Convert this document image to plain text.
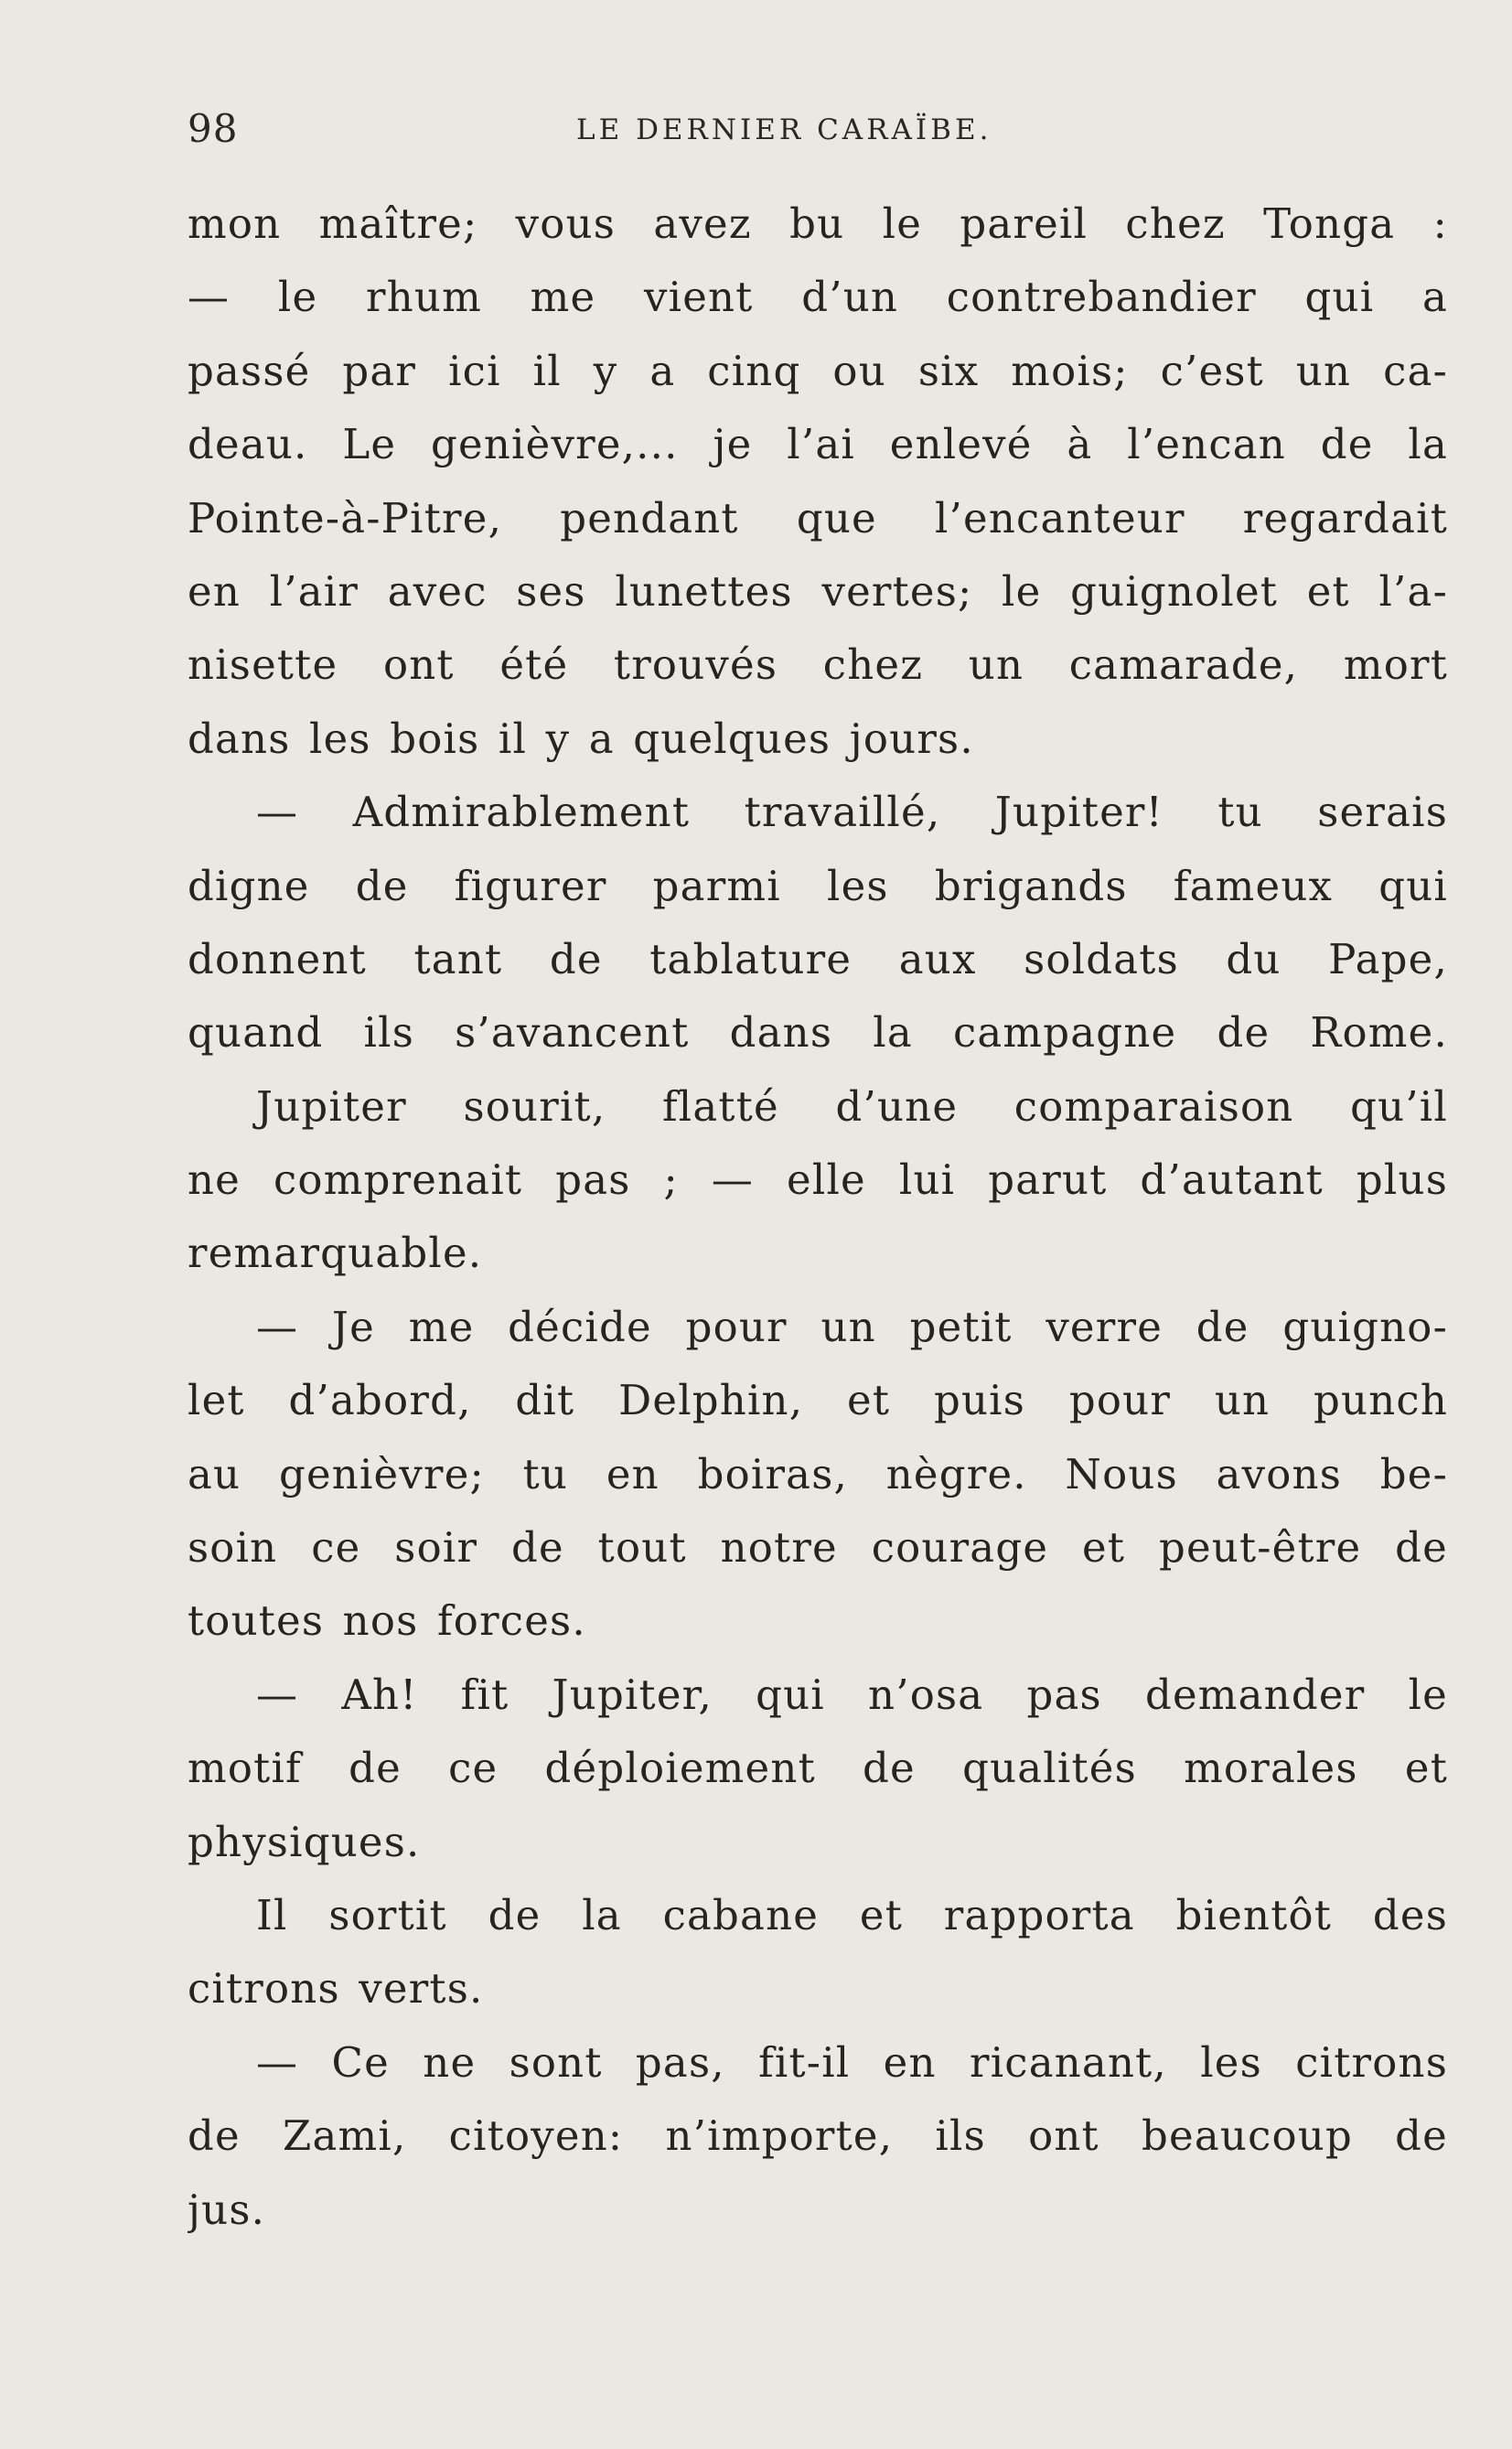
98	LE DERNIER CARAÏBE.
mon maître; vous avez bu le pareil chez Tonga :
— le rhum me vient d’un contrebandier qui a
passé par ici il y a cinq ou six mois; c’est un ca-
deau. Le genièvre,... je l’ai enlevé à l’encan de la
Pointe-à-Pitre, pendant que l’encanteur regardait
en l’air avec ses lunettes vertes; le guignolet et l’a-
nisette ont été trouvés chez un camarade, mort
dans les bois il y a quelques jours.
— Admirablement travaillé, Jupiter! tu serais
digne de figurer parmi les brigands fameux qui
donnent tant de tablature aux soldats du Pape,
quand ils s’avancent dans la campagne de Rome.
Jupiter sourit, flatté d’une comparaison qu’il
ne comprenait pas ; — elle lui parut d’autant plus
remarquable.
— Je me décide pour un petit verre de guigno-
let d’abord, dit Delphin, et puis pour un punch
au genièvre; tu en boiras, nègre. Nous avons be-
soin ce soir de tout notre courage et peut-être de
toutes nos forces.
— Ah! fit Jupiter, qui n’osa pas demander le
motif de ce déploiement de qualités morales et
physiques.
Il sortit de la cabane et rapporta bientôt des
citrons verts.
— Ce ne sont pas, fit-il en ricanant, les citrons
de Zami, citoyen: n’importe, ils ont beaucoup de
jus.
